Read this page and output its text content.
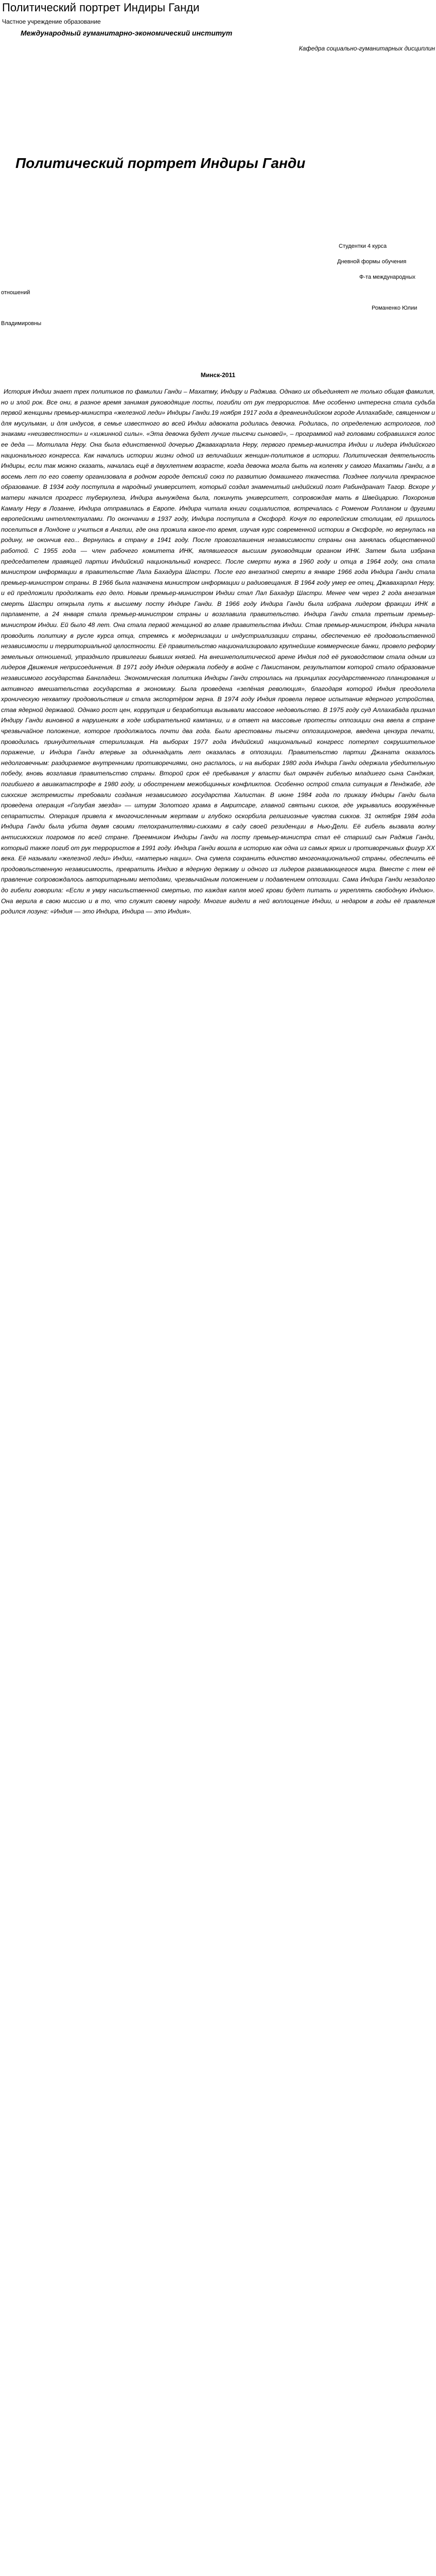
Политический портрет Индиры Ганди
Частное учреждение образование
Международный гуманитарно-экономический институт
Кафедра социально-гуманитарных дисциплин
Политический портрет Индиры Ганди
Студентки 4 курса
Дневной формы обучения
Ф-та международных
отношений
Романенко Юлии
Владимировны
Минск-2011

История Индии знает трех политиков по фамилии Ганди – Махатму, Индиру и Раджива. Однако их объединяет не только общая фамилия, но и злой рок. Все они, в разное время занимая руководящие посты, погибли от рук террористов. Мне особенно интересна стала судьба первой женщины премьер-министра «железной леди» Индиры Ганди.19 ноября 1917 года в древнеиндийском городе Аллахабаде, священном и для мусульман, и для индусов, в семье известного во всей Индии адвоката родилась девочка. Родилась, по определению астрологов, под знаками «неизвестности» и «хижинной силы». «Эта девочка будет лучше тысячи сыновей», – программой над головами собравшихся голос ее деда — Мотилала Неру. Она была единственной дочерью Джавахарлала Неру, первого премьер-министра Индии и лидера Индийского национального конгресса. Как начались истории жизни одной из величайших женщин-политиков в истории. Политическая деятельность Индиры, если так можно сказать, началась ещё в двухлетнем возрасте, когда девочка могла быть на коленях у самого Махатмы Ганди, а в восемь лет по его совету организовала в родном городе детский союз по развитию домашнего ткачества. Позднее получила прекрасное образование. В 1934 году поступила в народный университет, который создал знаменитый индийский поэт Рабиндранат Тагор. Вскоре у матери начался прогресс туберкулеза, Индира вынуждена была, покинуть университет, сопровождая мать в Швейцарию. Похоронив Камалу Неру в Лозанне, Индира отправилась в Европе. Индира читала книги социалистов, встречалась с Роменом Ролланом и другими европейскими интеллектуалами. По окончании в 1937 году, Индира поступила в Оксфорд. Кочуя по европейским столицам, ей пришлось поселиться в Лондоне и учиться в Англии, где она прожила какое-то время, изучая курс современной истории в Оксфорде, но вернулась на родину, не окончив его... Вернулась в страну в 1941 году. После провозглашения независимости страны она занялась общественной работой. С 1955 года — член рабочего комитета ИНК, являвшегося высшим руководящим органом ИНК. Затем была избрана председателем правящей партии Индийский национальный конгресс. После смерти мужа в 1960 году и отца в 1964 году, она стала министром информации в правительстве Лала Бахадура Шастри. После его внезапной смерти в январе 1966 года Индира Ганди стала премьер-министром страны. В 1966 была назначена министром информации и радиовещания. В 1964 году умер ее отец, Джавахарлал Неру, и ей предложили продолжать его дело. Новым премьер-министром Индии стал Лал Бахадур Шастри. Менее чем через 2 года внезапная смерть Шастри открыла путь к высшему посту Индире Ганди. В 1966 году Индира Ганди была избрана лидером фракции ИНК в парламенте, а 24 января стала премьер-министром страны и возглавила правительство. Индира Ганди стала третьим премьер-министром Индии. Ей было 48 лет. Она стала первой женщиной во главе правительства Индии. Став премьер-министром, Индира начала проводить политику в русле курса отца, стремясь к модернизации и индустриализации страны, обеспечению её продовольственной независимости и территориальной целостности. Её правительство национализировало крупнейшие коммерческие банки, провело реформу земельных отношений, упразднило привилегии бывших князей. На внешнеполитической арене Индия под её руководством стала одним из лидеров Движения неприсоединения. В 1971 году Индия одержала победу в войне с Пакистаном, результатом которой стало образование независимого государства Бангладеш. Экономическая политика Индиры Ганди строилась на принципах государственного планирования и активного вмешательства государства в экономику. Была проведена «зелёная революция», благодаря которой Индия преодолела хроническую нехватку продовольствия и стала экспортёром зерна. В 1974 году Индия провела первое испытание ядерного устройства, став ядерной державой. Однако рост цен, коррупция и безработица вызывали массовое недовольство. В 1975 году суд Аллахабада признал Индиру Ганди виновной в нарушениях в ходе избирательной кампании, и в ответ на массовые протесты оппозиции она ввела в стране чрезвычайное положение, которое продолжалось почти два года. Были арестованы тысячи оппозиционеров, введена цензура печати, проводилась принудительная стерилизация. На выборах 1977 года Индийский национальный конгресс потерпел сокрушительное поражение, и Индира Ганди впервые за одиннадцать лет оказалась в оппозиции. Правительство партии Джаната оказалось недолговечным: раздираемое внутренними противоречиями, оно распалось, и на выборах 1980 года Индира Ганди одержала убедительную победу, вновь возглавив правительство страны. Второй срок её пребывания у власти был омрачён гибелью младшего сына Санджая, погибшего в авиакатастрофе в 1980 году, и обострением межобщинных конфликтов. Особенно острой стала ситуация в Пенджабе, где сикхские экстремисты требовали создания независимого государства Халистан. В июне 1984 года по приказу Индиры Ганди была проведена операция «Голубая звезда» — штурм Золотого храма в Амритсаре, главной святыни сикхов, где укрывались вооружённые сепаратисты. Операция привела к многочисленным жертвам и глубоко оскорбила религиозные чувства сикхов. 31 октября 1984 года Индира Ганди была убита двумя своими телохранителями-сикхами в саду своей резиденции в Нью-Дели. Её гибель вызвала волну антисикхских погромов по всей стране. Преемником Индиры Ганди на посту премьер-министра стал её старший сын Раджив Ганди, который также погиб от рук террористов в 1991 году. Индира Ганди вошла в историю как одна из самых ярких и противоречивых фигур XX века. Её называли «железной леди» Индии, «матерью нации». Она сумела сохранить единство многонациональной страны, обеспечить её продовольственную независимость, превратить Индию в ядерную державу и одного из лидеров развивающегося мира. Вместе с тем её правление сопровождалось авторитарными методами, чрезвычайным положением и подавлением оппозиции. Сама Индира Ганди незадолго до гибели говорила: «Если я умру насильственной смертью, то каждая капля моей крови будет питать и укреплять свободную Индию». Она верила в свою миссию и в то, что служит своему народу. Многие видели в ней воплощение Индии, и недаром в годы её правления родился лозунг: «Индия — это Индира, Индира — это Индия».
